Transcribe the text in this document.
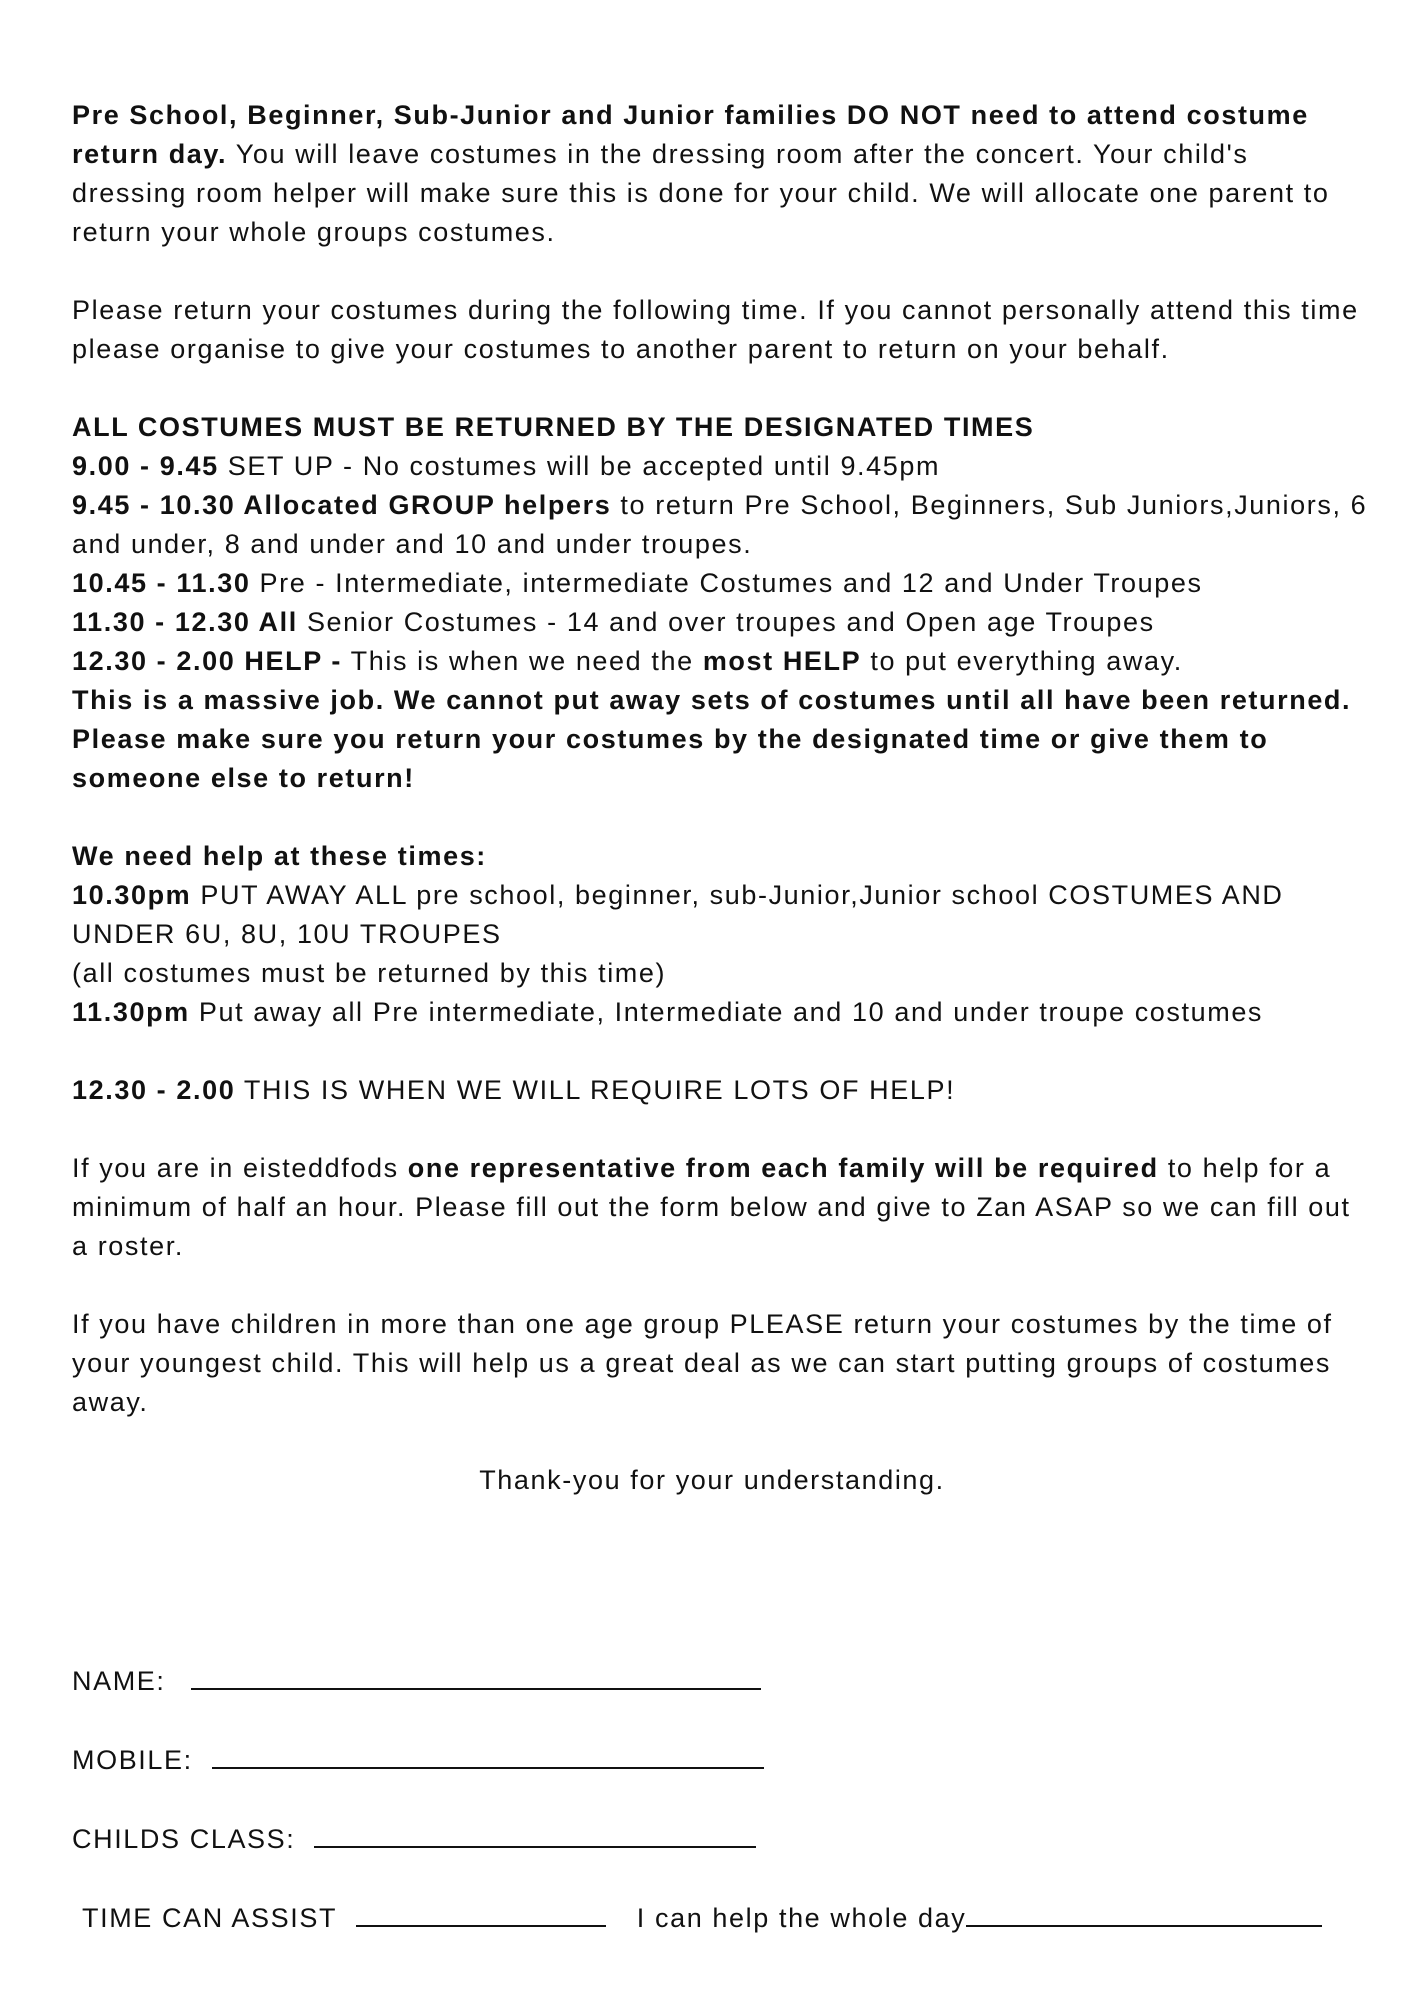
Pre School, Beginner, Sub-Junior and Junior families DO NOT need to attend costume return day. You will leave costumes in the dressing room after the concert. Your child's dressing room helper will make sure this is done for your child. We will allocate one parent to return your whole groups costumes.

Please return your costumes during the following time. If you cannot personally attend this time please organise to give your costumes to another parent to return on your behalf.

ALL COSTUMES MUST BE RETURNED BY THE DESIGNATED TIMES
9.00 - 9.45 SET UP - No costumes will be accepted until 9.45pm
9.45 - 10.30 Allocated GROUP helpers to return Pre School, Beginners, Sub Juniors,Juniors, 6 and under, 8 and under and 10 and under troupes.
10.45 - 11.30 Pre - Intermediate, intermediate Costumes and 12 and Under Troupes
11.30 - 12.30 All Senior Costumes - 14 and over troupes and Open age Troupes
12.30 - 2.00 HELP - This is when we need the most HELP to put everything away.
This is a massive job. We cannot put away sets of costumes until all have been returned. Please make sure you return your costumes by the designated time or give them to someone else to return!
We need help at these times:
10.30pm PUT AWAY ALL pre school, beginner, sub-Junior,Junior school COSTUMES AND UNDER 6U, 8U, 10U TROUPES
(all costumes must be returned by this time)
11.30pm Put away all Pre intermediate, Intermediate and 10 and under troupe costumes

12.30 - 2.00 THIS IS WHEN WE WILL REQUIRE LOTS OF HELP!

If you are in eisteddfods one representative from each family will be required to help for a minimum of half an hour. Please fill out the form below and give to Zan ASAP so we can fill out a roster.

If you have children in more than one age group PLEASE return your costumes by the time of your youngest child. This will help us a great deal as we can start putting groups of costumes away.

Thank-you for your understanding.

NAME:
MOBILE:
CHILDS CLASS:
TIME CAN ASSIST	I can help the whole day
